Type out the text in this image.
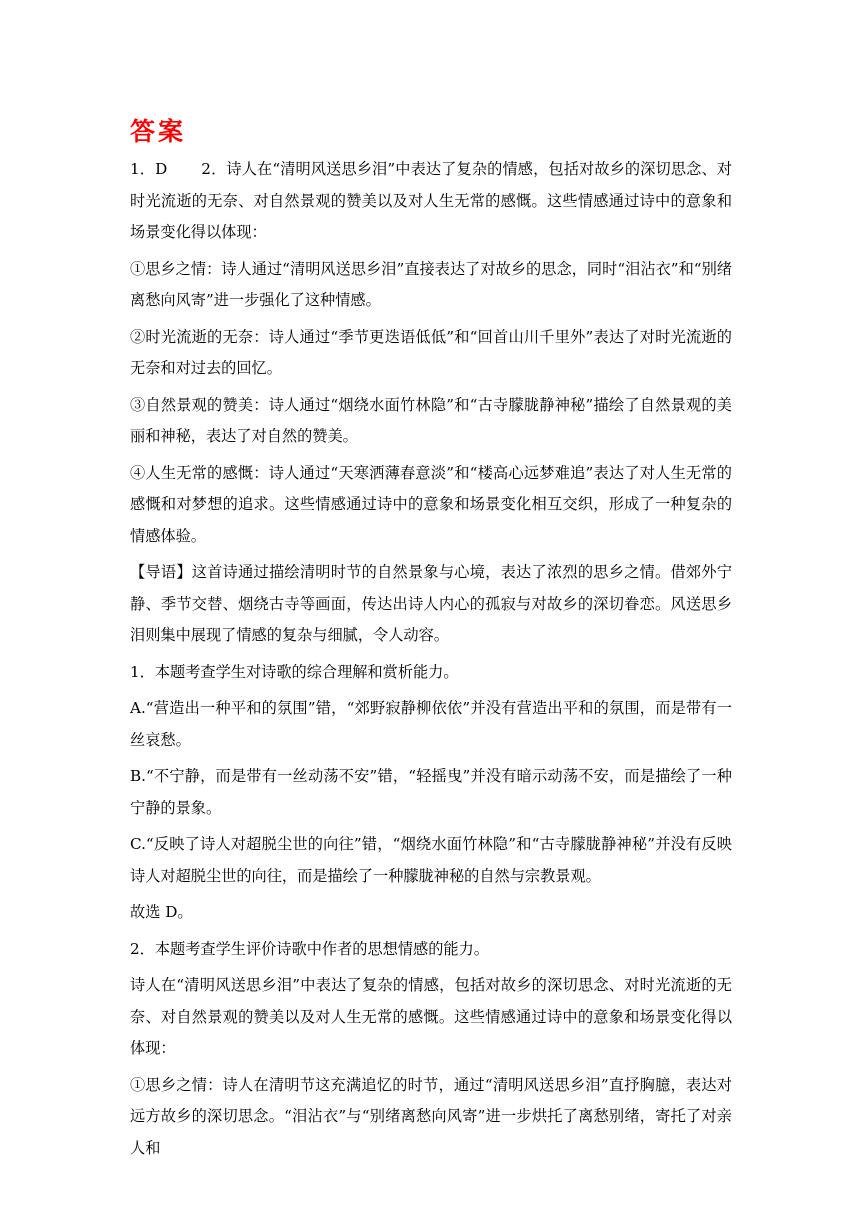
答案

1．D 2．诗人在“清明风送思乡泪”中表达了复杂的情感，包括对故乡的深切思念、对时光流逝的无奈、对自然景观的赞美以及对人生无常的感慨。这些情感通过诗中的意象和场景变化得以体现：

①思乡之情：诗人通过“清明风送思乡泪”直接表达了对故乡的思念，同时“泪沾衣”和“别绪离愁向风寄”进一步强化了这种情感。

②时光流逝的无奈：诗人通过“季节更迭语低低”和“回首山川千里外”表达了对时光流逝的无奈和对过去的回忆。

③自然景观的赞美：诗人通过“烟绕水面竹林隐”和“古寺朦胧静神秘”描绘了自然景观的美丽和神秘，表达了对自然的赞美。

④人生无常的感慨：诗人通过“天寒洒薄春意淡”和“楼高心远梦难追”表达了对人生无常的感慨和对梦想的追求。这些情感通过诗中的意象和场景变化相互交织，形成了一种复杂的情感体验。

【导语】这首诗通过描绘清明时节的自然景象与心境，表达了浓烈的思乡之情。借郊外宁静、季节交替、烟绕古寺等画面，传达出诗人内心的孤寂与对故乡的深切眷恋。风送思乡泪则集中展现了情感的复杂与细腻，令人动容。

1．本题考查学生对诗歌的综合理解和赏析能力。

A.“营造出一种平和的氛围”错，“郊野寂静柳依依”并没有营造出平和的氛围，而是带有一丝哀愁。

B.“不宁静，而是带有一丝动荡不安”错，“轻摇曳”并没有暗示动荡不安，而是描绘了一种宁静的景象。

C.“反映了诗人对超脱尘世的向往”错，“烟绕水面竹林隐”和“古寺朦胧静神秘”并没有反映诗人对超脱尘世的向往，而是描绘了一种朦胧神秘的自然与宗教景观。

故选 D。

2．本题考查学生评价诗歌中作者的思想情感的能力。

诗人在“清明风送思乡泪”中表达了复杂的情感，包括对故乡的深切思念、对时光流逝的无奈、对自然景观的赞美以及对人生无常的感慨。这些情感通过诗中的意象和场景变化得以体现：

①思乡之情：诗人在清明节这充满追忆的时节，通过“清明风送思乡泪”直抒胸臆，表达对远方故乡的深切思念。“泪沾衣”与“别绪离愁向风寄”进一步烘托了离愁别绪，寄托了对亲人和
